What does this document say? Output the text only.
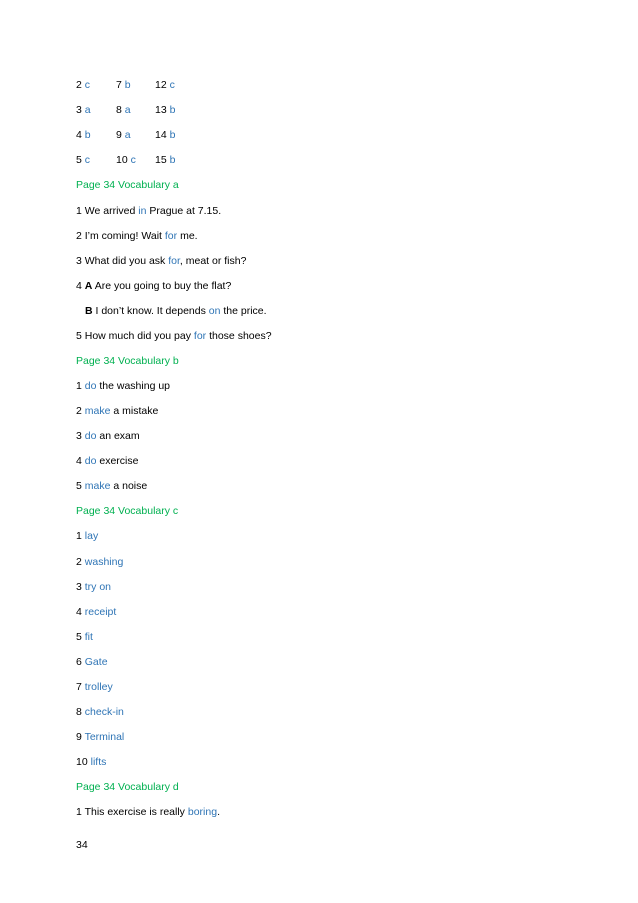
2 c 7 b 12 c
3 a 8 a 13 b
4 b 9 a 14 b
5 c 10 c 15 b
Page 34 Vocabulary a
1 We arrived in Prague at 7.15.
2 I’m coming! Wait for me.
3 What did you ask for, meat or fish?
4 A Are you going to buy the flat?
B I don’t know. It depends on the price.
5 How much did you pay for those shoes?
Page 34 Vocabulary b
1 do the washing up
2 make a mistake
3 do an exam
4 do exercise
5 make a noise
Page 34 Vocabulary c
1 lay
2 washing
3 try on
4 receipt
5 fit
6 Gate
7 trolley
8 check-in
9 Terminal
10 lifts
Page 34 Vocabulary d
1 This exercise is really boring.
34
